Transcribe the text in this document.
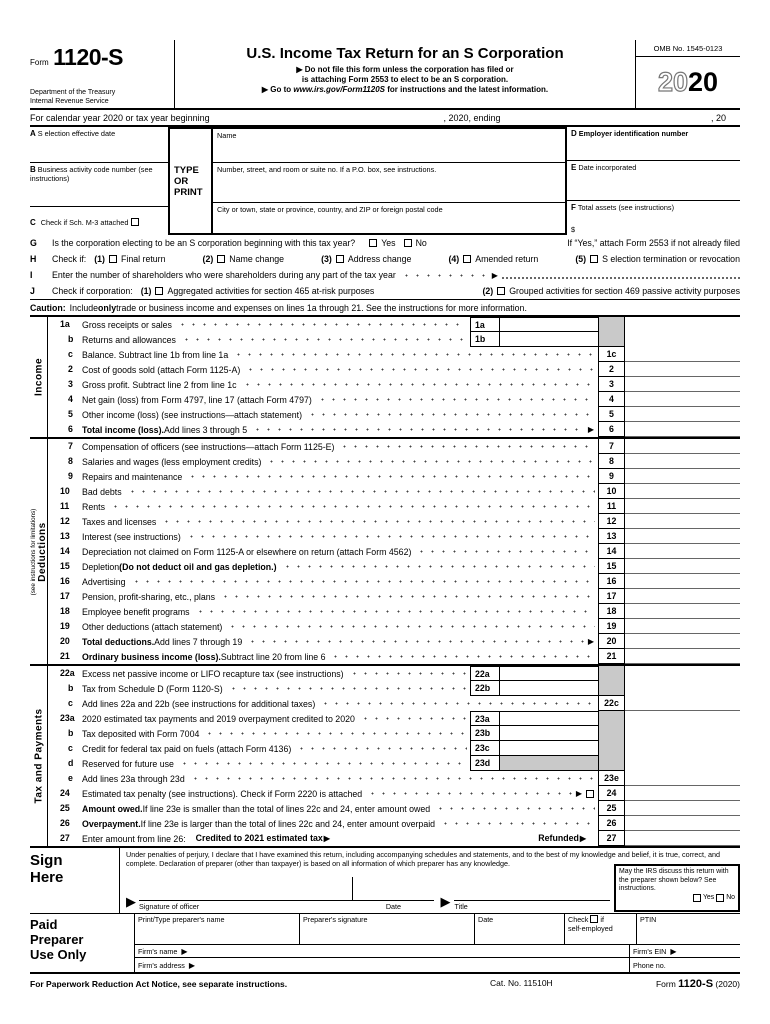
Form 1120-S
Department of the Treasury
Internal Revenue Service
U.S. Income Tax Return for an S Corporation
▶ Do not file this form unless the corporation has filed or
is attaching Form 2553 to elect to be an S corporation.
▶ Go to www.irs.gov/Form1120S for instructions and the latest information.
OMB No. 1545-0123
20 20
For calendar year 2020 or tax year beginning	, 2020, ending	, 20
A S election effective date
B Business activity code number (see instructions)
C Check if Sch. M-3 attached
TYPE
OR
PRINT
Name
Number, street, and room or suite no. If a P.O. box, see instructions.
City or town, state or province, country, and ZIP or foreign postal code
D Employer identification number
E Date incorporated
F Total assets (see instructions)
$
G	Is the corporation electing to be an S corporation beginning with this tax year?	Yes No	If “Yes,” attach Form 2553 if not already filed
H	Check if: (1) Final return	(2) Name change	(3) Address change	(4) Amended return	(5) S election termination or revocation
I	Enter the number of shareholders who were shareholders during any part of the tax year
▶
J	Check if corporation: (1) Aggregated activities for section 465 at-risk purposes	(2) Grouped activities for section 469 passive activity purposes
Caution: Include only trade or business income and expenses on lines 1a through 21. See the instructions for more information.
Income
1a	Gross receipts or sales	1a
b Returns and allowances	1b
c	Balance. Subtract line 1b from line 1a	1c
2	Cost of goods sold (attach Form 1125-A)	2
3	Gross profit. Subtract line 2 from line 1c	3
4	Net gain (loss) from Form 4797, line 17 (attach Form 4797)	4
5	Other income (loss) (see instructions—attach statement)	5
6	Total income (loss). Add lines 3 through 5 ▶	6
(see instructions for limitations) Deductions
7	Compensation of officers (see instructions—attach Form 1125-E)	7
8	Salaries and wages (less employment credits)	8
9	Repairs and maintenance	9
10	Bad debts	10
11	Rents	11
12	Taxes and licenses	12
13	Interest (see instructions)	13
14	Depreciation not claimed on Form 1125-A or elsewhere on return (attach Form 4562)	14
15	Depletion (Do not deduct oil and gas depletion.)	15
16	Advertising	16
17	Pension, profit-sharing, etc., plans	17
18	Employee benefit programs	18
19	Other deductions (attach statement)	19
20	Total deductions. Add lines 7 through 19 ▶	20
21	Ordinary business income (loss). Subtract line 20 from line 6	21
Tax and Payments
22a Excess net passive income or LIFO recapture tax (see instructions)	22a
b Tax from Schedule D (Form 1120-S)	22b
c	Add lines 22a and 22b (see instructions for additional taxes)	22c
23a 2020 estimated tax payments and 2019 overpayment credited to 2020	23a
b Tax deposited with Form 7004	23b
c	Credit for federal tax paid on fuels (attach Form 4136)	23c
d Reserved for future use	23d
e	Add lines 23a through 23d	23e
24	Estimated tax penalty (see instructions). Check if Form 2220 is attached ▶	24
25	Amount owed. If line 23e is smaller than the total of lines 22c and 24, enter amount owed	25
26	Overpayment. If line 23e is larger than the total of lines 22c and 24, enter amount overpaid	26
27	Enter amount from line 26: Credited to 2021 estimated tax ▶	Refunded ▶	27
Sign
Here
Under penalties of perjury, I declare that I have examined this return, including accompanying schedules and statements, and to the best of my knowledge and belief, it is true, correct, and complete. Declaration of preparer (other than taxpayer) is based on all information of which preparer has any knowledge.
▶
Signature of officer	Date ▶	Title
May the IRS discuss this return with the preparer shown below? See instructions.
Yes No
Paid
Preparer
Use Only
Print/Type preparer's name	Preparer's signature	Date	Check if
self-employed
PTIN
Firm's name ▶	Firm's EIN
▶
Firm's address ▶	Phone no.
For Paperwork Reduction Act Notice, see separate instructions.	Cat. No. 11510H	Form 1120-S (2020)
